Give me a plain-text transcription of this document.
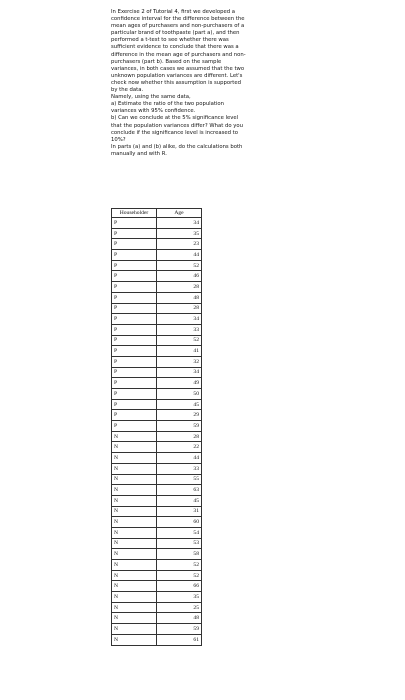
In Exercise 2 of Tutorial 4, first we developed a

confidence interval for the difference between the

mean ages of purchasers and non-purchasers of a

particular brand of toothpaste (part a), and then

performed a t-test to see whether there was

sufficient evidence to conclude that there was a

difference in the mean age of purchasers and non-

purchasers (part b). Based on the sample

variances, in both cases we assumed that the two

unknown population variances are different. Let's

check now whether this assumption is supported

by the data.

Namely, using the same data,

a) Estimate the ratio of the two population

variances with 95% confidence.

b) Can we conclude at the 5% significance level

that the population variances differ? What do you

conclude if the significance level is increased to

10%?

In parts (a) and (b) alike, do the calculations both

manually and with R.

Householder	Age
P	34
P	35
P	23
P	44
P	52
P	46
P	28
P	48
P	28
P	34
P	33
P	52
P	41
P	32
P	34
P	49
P	50
P	45
P	29
P	59
N	28
N	22
N	44
N	33
N	55
N	63
N	45
N	31
N	60
N	54
N	53
N	58
N	52
N	52
N	66
N	35
N	25
N	48
N	59
N	61
